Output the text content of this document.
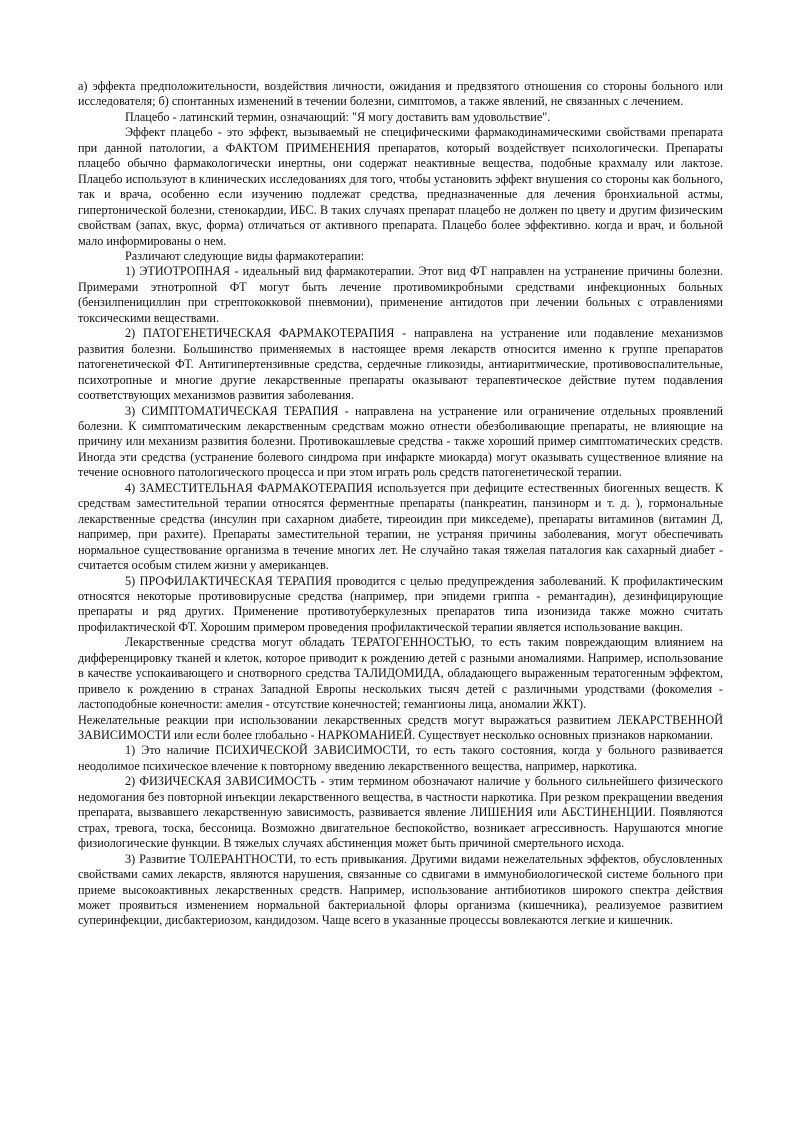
а) эффекта предположительности, воздействия личности, ожидания и предвзятого отношения со стороны больного или исследователя; б) спонтанных изменений в течении болезни, симптомов, а также явлений, не связанных с лечением.

Плацебо - латинский термин, означающий: "Я могу доставить вам удовольствие".

Эффект плацебо - это эффект, вызываемый не специфическими фармакодинамическими свойствами препарата при данной патологии, а ФАКТОМ ПРИМЕНЕНИЯ препаратов, который воздействует психологически. Препараты плацебо обычно фармакологически инертны, они содержат неактивные вещества, подобные крахмалу или лактозе. Плацебо используют в клинических исследованиях для того, чтобы установить эффект внушения со стороны как больного, так и врача, особенно если изучению подлежат средства, предназначенные для лечения бронхиальной астмы, гипертонической болезни, стенокардии, ИБС. В таких случаях препарат плацебо не должен по цвету и другим физическим свойствам (запах, вкус, форма) отличаться от активного препарата. Плацебо более эффективно. когда и врач, и больной мало информированы о нем.

Различают следующие виды фармакотерапии:

1) ЭТИОТРОПНАЯ - идеальный вид фармакотерапии. Этот вид ФТ направлен на устранение причины болезни. Примерами этнотропной ФТ могут быть лечение противомикробными средствами инфекционных больных (бензилпенициллин при стрептококковой пневмонии), применение антидотов при лечении больных с отравлениями токсическими веществами.

2) ПАТОГЕНЕТИЧЕСКАЯ ФАРМАКОТЕРАПИЯ - направлена на устранение или подавление механизмов развития болезни. Большинство применяемых в настоящее время лекарств относится именно к группе препаратов патогенетической ФТ. Антигипертензивные средства, сердечные гликозиды, антиаритмические, противовоспалительные, психотропные и многие другие лекарственные препараты оказывают терапевтическое действие путем подавления соответствующих механизмов развития заболевания.

3) СИМПТОМАТИЧЕСКАЯ ТЕРАПИЯ - направлена на устранение или ограничение отдельных проявлений болезни. К симптоматическим лекарственным средствам можно отнести обезболивающие препараты, не влияющие на причину или механизм развития болезни. Противокашлевые средства - также хороший пример симптоматических средств. Иногда эти средства (устранение болевого синдрома при инфаркте миокарда) могут оказывать существенное влияние на течение основного патологического процесса и при этом играть роль средств патогенетической терапии.

4) ЗАМЕСТИТЕЛЬНАЯ ФАРМАКОТЕРАПИЯ используется при дефиците естественных биогенных веществ. К средствам заместительной терапии относятся ферментные препараты (панкреатин, панзинорм и т. д. ), гормональные лекарственные средства (инсулин при сахарном диабете, тиреоидин при микседеме), препараты витаминов (витамин Д, например, при рахите). Препараты заместительной терапии, не устраняя причины заболевания, могут обеспечивать нормальное существование организма в течение многих лет. Не случайно такая тяжелая паталогия как сахарный диабет - считается особым стилем жизни у американцев.

5) ПРОФИЛАКТИЧЕСКАЯ ТЕРАПИЯ проводится с целью предупреждения заболеваний. К профилактическим относятся некоторые противовирусные средства (например, при эпидеми гриппа - ремантадин), дезинфицирующие препараты и ряд других. Применение противотуберкулезных препаратов типа изонизида также можно считать профилактической ФТ. Хорошим примером проведения профилактической терапии является использование вакцин.

Лекарственные средства могут обладать ТЕРАТОГЕННОСТЬЮ, то есть таким повреждающим влиянием на дифференцировку тканей и клеток, которое приводит к рождению детей с разными аномалиями. Например, использование в качестве успокаивающего и снотворного средства ТАЛИДОМИДА, обладающего выраженным тератогенным эффектом, привело к рождению в странах Западной Европы нескольких тысяч детей с различными уродствами (фокомелия - ластоподобные конечности: амелия - отсутствие конечностей; гемангионы лица, аномалии ЖКТ).

Нежелательные реакции при использовании лекарственных средств могут выражаться развитием ЛЕКАРСТВЕННОЙ ЗАВИСИМОСТИ или если более глобально - НАРКОМАНИЕЙ. Существует несколько основных признаков наркомании.

1) Это наличие ПСИХИЧЕСКОЙ ЗАВИСИМОСТИ, то есть такого состояния, когда у больного развивается неодолимое психическое влечение к повторному введению лекарственного вещества, например, наркотика.

2) ФИЗИЧЕСКАЯ ЗАВИСИМОСТЬ - этим термином обозначают наличие у больного сильнейшего физического недомогания без повторной инъекции лекарственного вещества, в частности наркотика. При резком прекращении введения препарата, вызвавшего лекарственную зависимость, развивается явление ЛИШЕНИЯ или АБСТИНЕНЦИИ. Появляются страх, тревога, тоска, бессоница. Возможно двигательное беспокойство, возникает агрессивность. Нарушаются многие физиологические функции. В тяжелых случаях абстиненция может быть причиной смертельного исхода.

3) Развитие ТОЛЕРАНТНОСТИ, то есть привыкания. Другими видами нежелательных эффектов, обусловленных свойствами самих лекарств, являются нарушения, связанные со сдвигами в иммунобиологической системе больного при приеме высокоактивных лекарственных средств. Например, использование антибиотиков широкого спектра действия может проявиться изменением нормальной бактериальной флоры организма (кишечника), реализуемое развитием суперинфекции, дисбактериозом, кандидозом. Чаще всего в указанные процессы вовлекаются легкие и кишечник.
